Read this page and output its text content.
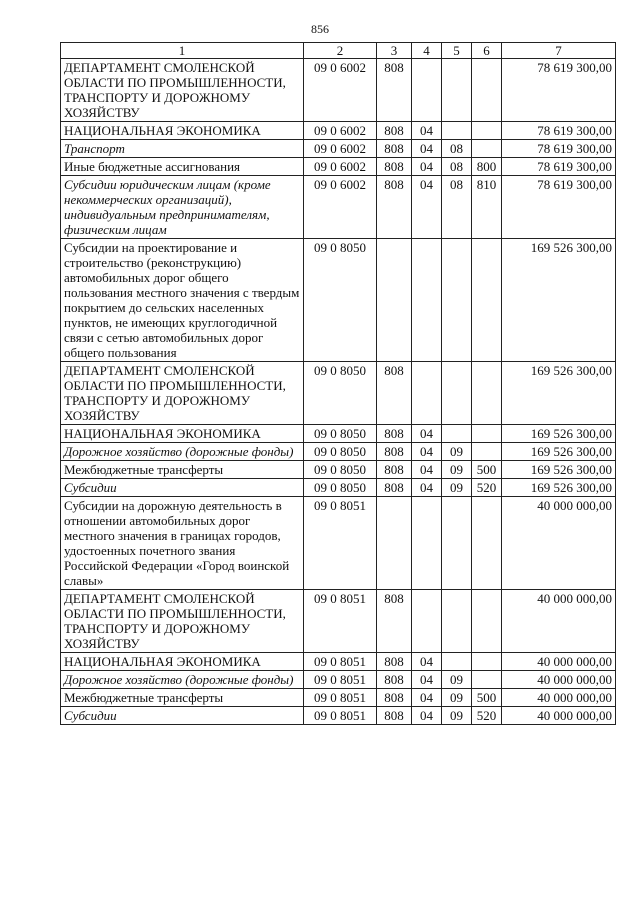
856
1	2	3	4	5	6	7
ДЕПАРТАМЕНТ СМОЛЕНСКОЙ ОБЛАСТИ ПО ПРОМЫШЛЕННОСТИ, ТРАНСПОРТУ И ДОРОЖНОМУ ХОЗЯЙСТВУ	09 0 6002	808				78 619 300,00
НАЦИОНАЛЬНАЯ ЭКОНОМИКА	09 0 6002	808	04			78 619 300,00
Транспорт	09 0 6002	808	04	08		78 619 300,00
Иные бюджетные ассигнования	09 0 6002	808	04	08	800	78 619 300,00
Субсидии юридическим лицам (кроме некоммерческих организаций), индивидуальным предпринимателям, физическим лицам	09 0 6002	808	04	08	810	78 619 300,00
Субсидии на проектирование и строительство (реконструкцию) автомобильных дорог общего пользования местного значения с твердым покрытием до сельских населенных пунктов, не имеющих круглогодичной связи с сетью автомобильных дорог общего пользования	09 0 8050					169 526 300,00
ДЕПАРТАМЕНТ СМОЛЕНСКОЙ ОБЛАСТИ ПО ПРОМЫШЛЕННОСТИ, ТРАНСПОРТУ И ДОРОЖНОМУ ХОЗЯЙСТВУ	09 0 8050	808				169 526 300,00
НАЦИОНАЛЬНАЯ ЭКОНОМИКА	09 0 8050	808	04			169 526 300,00
Дорожное хозяйство (дорожные фонды)	09 0 8050	808	04	09		169 526 300,00
Межбюджетные трансферты	09 0 8050	808	04	09	500	169 526 300,00
Субсидии	09 0 8050	808	04	09	520	169 526 300,00
Субсидии на дорожную деятельность в отношении автомобильных дорог местного значения в границах городов, удостоенных почетного звания Российской Федерации «Город воинской славы»	09 0 8051					40 000 000,00
ДЕПАРТАМЕНТ СМОЛЕНСКОЙ ОБЛАСТИ ПО ПРОМЫШЛЕННОСТИ, ТРАНСПОРТУ И ДОРОЖНОМУ ХОЗЯЙСТВУ	09 0 8051	808				40 000 000,00
НАЦИОНАЛЬНАЯ ЭКОНОМИКА	09 0 8051	808	04			40 000 000,00
Дорожное хозяйство (дорожные фонды)	09 0 8051	808	04	09		40 000 000,00
Межбюджетные трансферты	09 0 8051	808	04	09	500	40 000 000,00
Субсидии	09 0 8051	808	04	09	520	40 000 000,00
